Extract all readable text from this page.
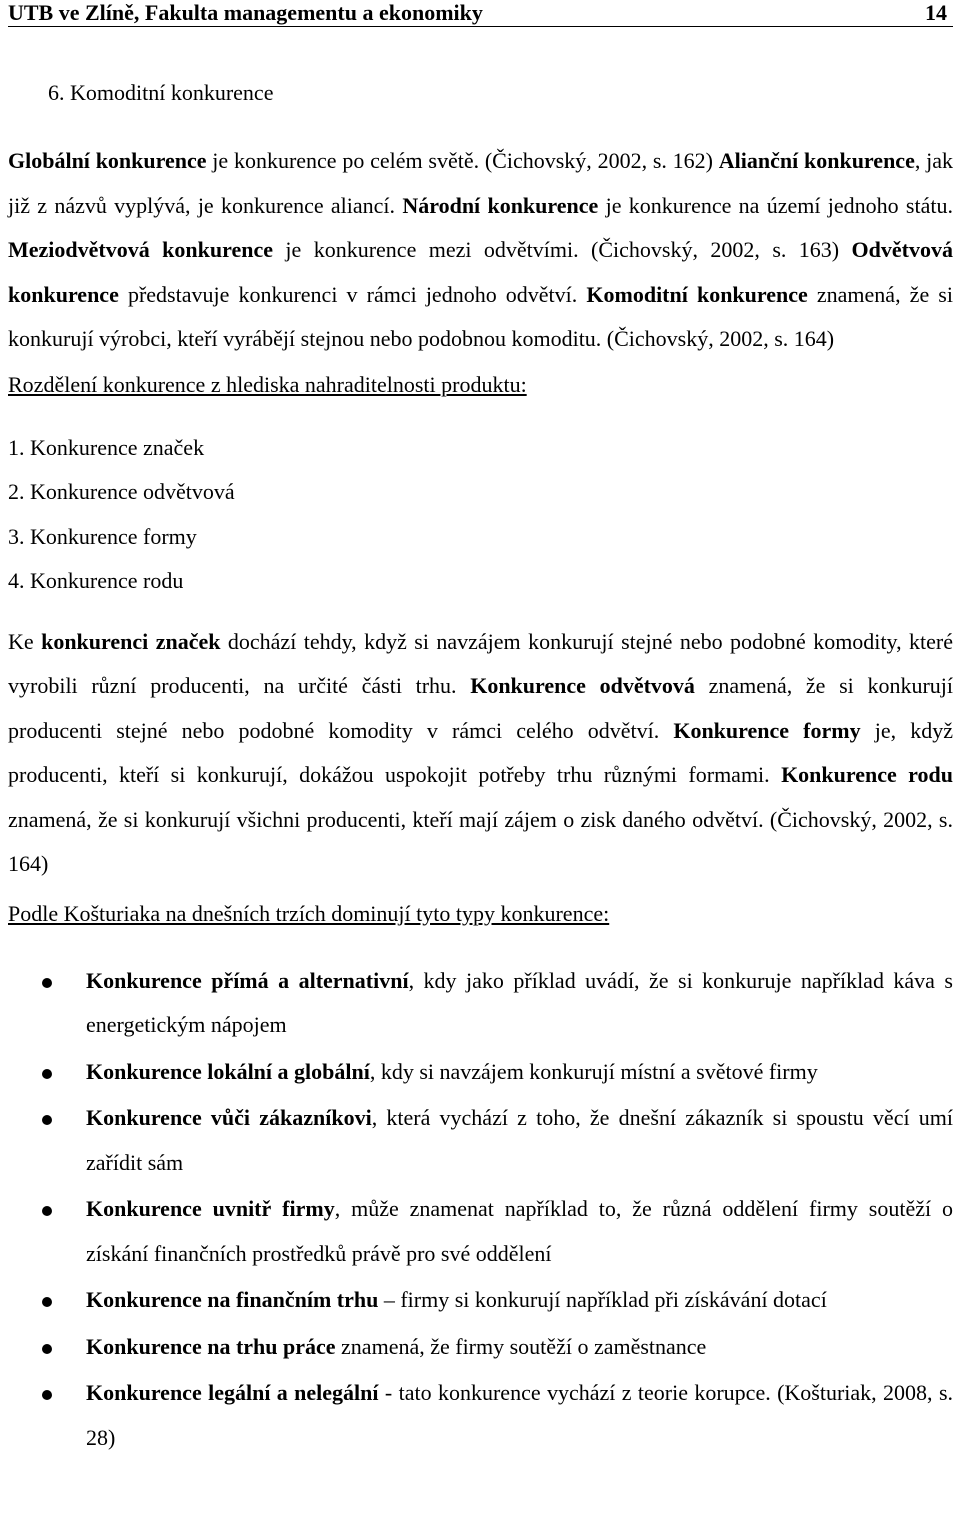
UTB ve Zlíně, Fakulta managementu a ekonomiky	14
6. Komoditní konkurence

Globální konkurence je konkurence po celém světě. (Čichovský, 2002, s. 162) Alianční konkurence, jak již z názvů vyplývá, je konkurence aliancí. Národní konkurence je konkurence na území jednoho státu. Meziodvětvová konkurence je konkurence mezi odvětvími. (Čichovský, 2002, s. 163) Odvětvová konkurence představuje konkurenci v rámci jednoho odvětví. Komoditní konkurence znamená, že si konkurují výrobci, kteří vyrábějí stejnou nebo podobnou komoditu. (Čichovský, 2002, s. 164)

Rozdělení konkurence z hlediska nahraditelnosti produktu:
1. Konkurence značek
2. Konkurence odvětvová
3. Konkurence formy
4. Konkurence rodu

Ke konkurenci značek dochází tehdy, když si navzájem konkurují stejné nebo podobné komodity, které vyrobili různí producenti, na určité části trhu. Konkurence odvětvová znamená, že si konkurují producenti stejné nebo podobné komodity v rámci celého odvětví. Konkurence formy je, když producenti, kteří si konkurují, dokážou uspokojit potřeby trhu různými formami. Konkurence rodu znamená, že si konkurují všichni producenti, kteří mají zájem o zisk daného odvětví. (Čichovský, 2002, s. 164)

Podle Košturiaka na dnešních trzích dominují tyto typy konkurence:
Konkurence přímá a alternativní, kdy jako příklad uvádí, že si konkuruje například káva s energetickým nápojem
Konkurence lokální a globální, kdy si navzájem konkurují místní a světové firmy
Konkurence vůči zákazníkovi, která vychází z toho, že dnešní zákazník si spoustu věcí umí zařídit sám
Konkurence uvnitř firmy, může znamenat například to, že různá oddělení firmy soutěží o získání finančních prostředků právě pro své oddělení
Konkurence na finančním trhu – firmy si konkurují například při získávání dotací
Konkurence na trhu práce znamená, že firmy soutěží o zaměstnance
Konkurence legální a nelegální - tato konkurence vychází z teorie korupce. (Košturiak, 2008, s. 28)
